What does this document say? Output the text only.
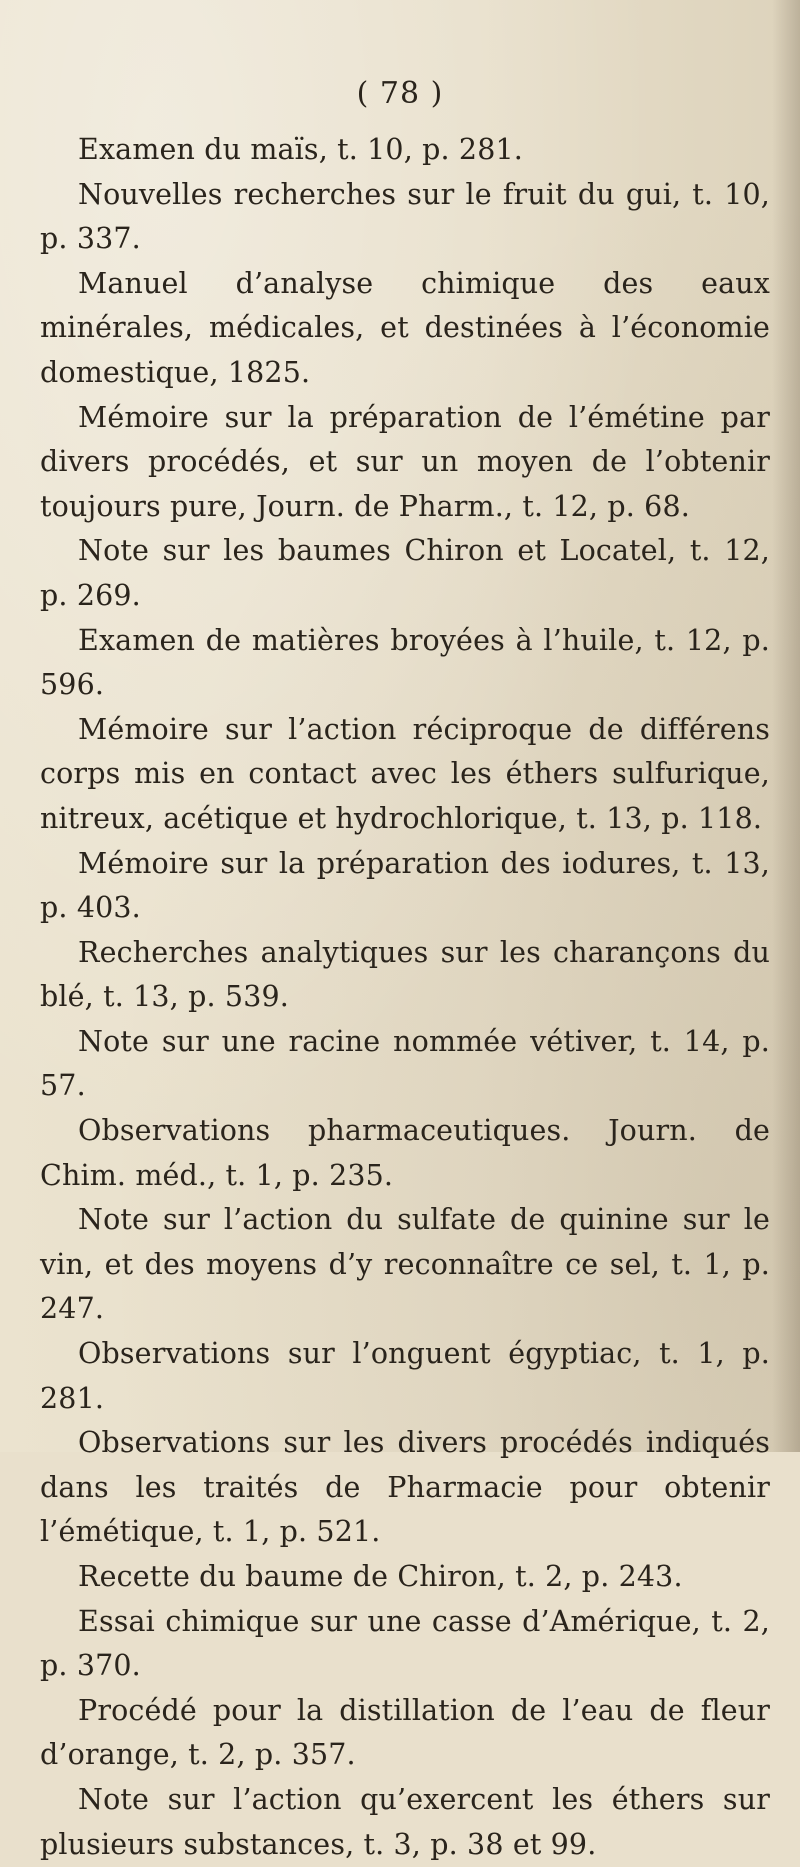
( 78 )

Examen du maïs, t. 10, p. 281.

Nouvelles recherches sur le fruit du gui, t. 10, p. 337.

Manuel d’analyse chimique des eaux minérales, médicales, et destinées à l’économie domestique, 1825.

Mémoire sur la préparation de l’émétine par divers procédés, et sur un moyen de l’obtenir toujours pure, Journ. de Pharm., t. 12, p. 68.

Note sur les baumes Chiron et Locatel, t. 12, p. 269.

Examen de matières broyées à l’huile, t. 12, p. 596.

Mémoire sur l’action réciproque de différens corps mis en contact avec les éthers sulfurique, nitreux, acétique et hydrochlorique, t. 13, p. 118.

Mémoire sur la préparation des iodures, t. 13, p. 403.

Recherches analytiques sur les charançons du blé, t. 13, p. 539.

Note sur une racine nommée vétiver, t. 14, p. 57.

Observations pharmaceutiques. Journ. de Chim. méd., t. 1, p. 235.

Note sur l’action du sulfate de quinine sur le vin, et des moyens d’y reconnaître ce sel, t. 1, p. 247.

Observations sur l’onguent égyptiac, t. 1, p. 281.

Observations sur les divers procédés indiqués dans les traités de Pharmacie pour obtenir l’émétique, t. 1, p. 521.

Recette du baume de Chiron, t. 2, p. 243.

Essai chimique sur une casse d’Amérique, t. 2, p. 370.

Procédé pour la distillation de l’eau de fleur d’orange, t. 2, p. 357.

Note sur l’action qu’exercent les éthers sur plusieurs substances, t. 3, p. 38 et 99.
